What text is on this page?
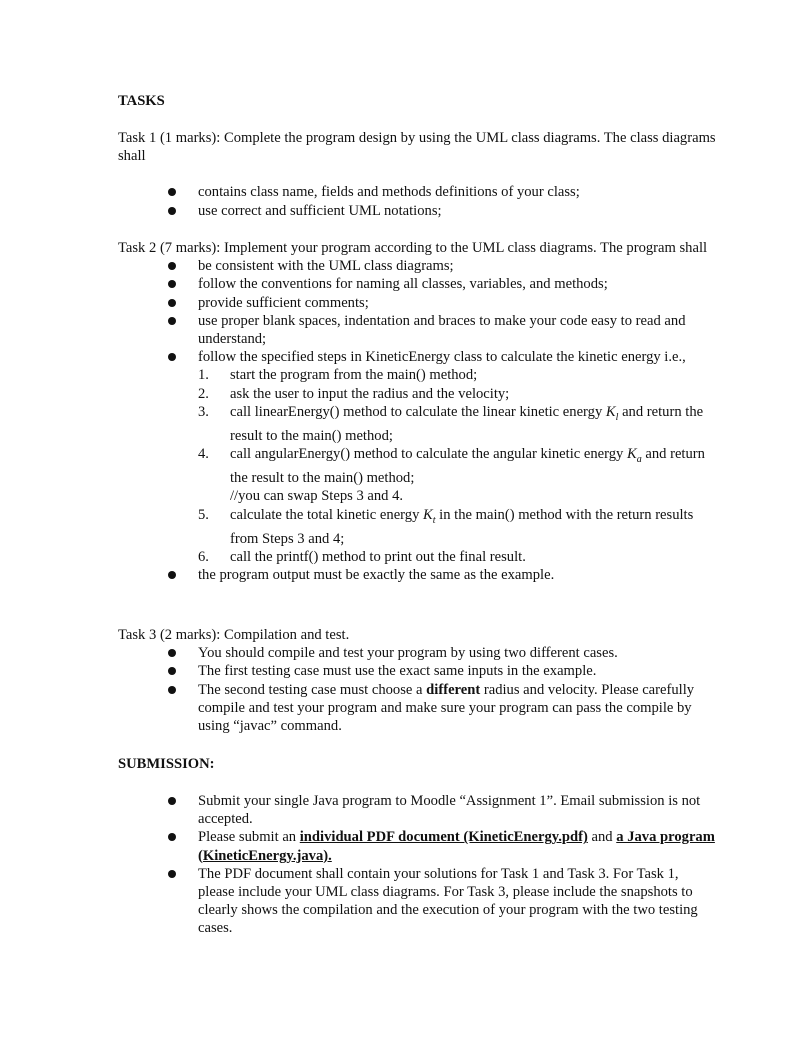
TASKS

Task 1 (1 marks): Complete the program design by using the UML class diagrams. The class diagrams shall

contains class name, fields and methods definitions of your class;
use correct and sufficient UML notations;

Task 2 (7 marks): Implement your program according to the UML class diagrams. The program shall

be consistent with the UML class diagrams;
follow the conventions for naming all classes, variables, and methods;
provide sufficient comments;
use proper blank spaces, indentation and braces to make your code easy to read and understand;
follow the specified steps in KineticEnergy class to calculate the kinetic energy i.e.,
1. start the program from the main() method;
2. ask the user to input the radius and the velocity;
3. call linearEnergy() method to calculate the linear kinetic energy $K_l$ and return the result to the main() method;
4. call angularEnergy() method to calculate the angular kinetic energy $K_a$ and return the result to the main() method;
//you can swap Steps 3 and 4.
5. calculate the total kinetic energy $K_t$ in the main() method with the return results from Steps 3 and 4;
6. call the printf() method to print out the final result.
the program output must be exactly the same as the example.

Task 3 (2 marks): Compilation and test.

You should compile and test your program by using two different cases.
The first testing case must use the exact same inputs in the example.
The second testing case must choose a different radius and velocity. Please carefully compile and test your program and make sure your program can pass the compile by using “javac” command.
SUBMISSION:
Submit your single Java program to Moodle “Assignment 1”. Email submission is not accepted.
Please submit an individual PDF document (KineticEnergy.pdf) and a Java program (KineticEnergy.java).
The PDF document shall contain your solutions for Task 1 and Task 3. For Task 1, please include your UML class diagrams. For Task 3, please include the snapshots to clearly shows the compilation and the execution of your program with the two testing cases.
